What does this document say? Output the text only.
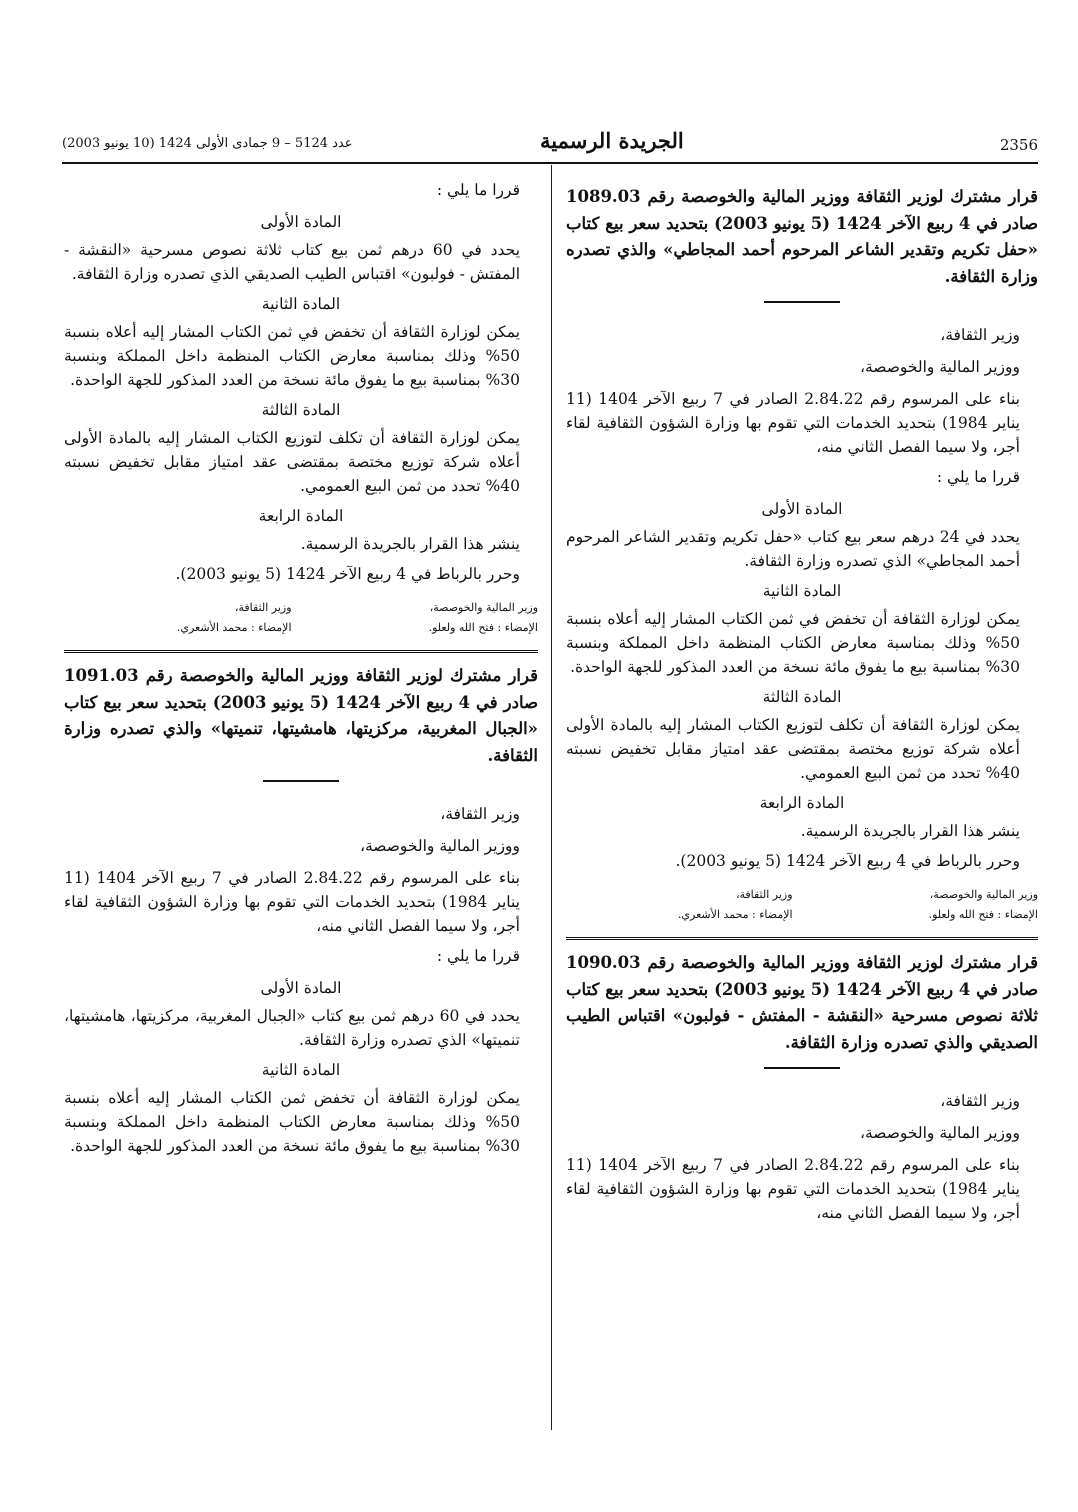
2356
الجريدة الرسمية
عدد 5124 – 9 جمادى الأولى 1424 (10 يونيو 2003)
قرار مشترك لوزير الثقافة ووزير المالية والخوصصة رقم 1089.03 صادر في 4 ربيع الآخر 1424 (5 يونيو 2003) بتحديد سعر بيع كتاب «حفل تكريم وتقدير الشاعر المرحوم أحمد المجاطي» والذي تصدره وزارة الثقافة.
وزير الثقافة،
ووزير المالية والخوصصة،
بناء على المرسوم رقم 2.84.22 الصادر في 7 ربيع الآخر 1404 (11 يناير 1984) بتحديد الخدمات التي تقوم بها وزارة الشؤون الثقافية لقاء أجر، ولا سيما الفصل الثاني منه،
قررا ما يلي :
المادة الأولى
يحدد في 24 درهم سعر بيع كتاب «حفل تكريم وتقدير الشاعر المرحوم أحمد المجاطي» الذي تصدره وزارة الثقافة.
المادة الثانية
يمكن لوزارة الثقافة أن تخفض في ثمن الكتاب المشار إليه أعلاه بنسبة 50% وذلك بمناسبة معارض الكتاب المنظمة داخل المملكة وبنسبة 30% بمناسبة بيع ما يفوق مائة نسخة من العدد المذكور للجهة الواحدة.
المادة الثالثة
يمكن لوزارة الثقافة أن تكلف لتوزيع الكتاب المشار إليه بالمادة الأولى أعلاه شركة توزيع مختصة بمقتضى عقد امتياز مقابل تخفيض نسبته 40% تحدد من ثمن البيع العمومي.
المادة الرابعة
ينشر هذا القرار بالجريدة الرسمية.
وحرر بالرباط في 4 ربيع الآخر 1424 (5 يونيو 2003).
وزير المالية والخوصصة،
الإمضاء : فتح الله ولعلو.
وزير الثقافة،
الإمضاء : محمد الأشعري.
قرار مشترك لوزير الثقافة ووزير المالية والخوصصة رقم 1090.03 صادر في 4 ربيع الآخر 1424 (5 يونيو 2003) بتحديد سعر بيع كتاب ثلاثة نصوص مسرحية «النقشة - المفتش - فولبون» اقتباس الطيب الصديقي والذي تصدره وزارة الثقافة.
وزير الثقافة،
ووزير المالية والخوصصة،
بناء على المرسوم رقم 2.84.22 الصادر في 7 ربيع الآخر 1404 (11 يناير 1984) بتحديد الخدمات التي تقوم بها وزارة الشؤون الثقافية لقاء أجر، ولا سيما الفصل الثاني منه،
قررا ما يلي :
المادة الأولى
يحدد في 60 درهم ثمن بيع كتاب ثلاثة نصوص مسرحية «النقشة - المفتش - فولبون» اقتباس الطيب الصديقي الذي تصدره وزارة الثقافة.
المادة الثانية
يمكن لوزارة الثقافة أن تخفض في ثمن الكتاب المشار إليه أعلاه بنسبة 50% وذلك بمناسبة معارض الكتاب المنظمة داخل المملكة وبنسبة 30% بمناسبة بيع ما يفوق مائة نسخة من العدد المذكور للجهة الواحدة.
المادة الثالثة
يمكن لوزارة الثقافة أن تكلف لتوزيع الكتاب المشار إليه بالمادة الأولى أعلاه شركة توزيع مختصة بمقتضى عقد امتياز مقابل تخفيض نسبته 40% تحدد من ثمن البيع العمومي.
المادة الرابعة
ينشر هذا القرار بالجريدة الرسمية.
وحرر بالرباط في 4 ربيع الآخر 1424 (5 يونيو 2003).
وزير المالية والخوصصة،
الإمضاء : فتح الله ولعلو.
وزير الثقافة،
الإمضاء : محمد الأشعري.
قرار مشترك لوزير الثقافة ووزير المالية والخوصصة رقم 1091.03 صادر في 4 ربيع الآخر 1424 (5 يونيو 2003) بتحديد سعر بيع كتاب «الجبال المغربية، مركزيتها، هامشيتها، تنميتها» والذي تصدره وزارة الثقافة.
وزير الثقافة،
ووزير المالية والخوصصة،
بناء على المرسوم رقم 2.84.22 الصادر في 7 ربيع الآخر 1404 (11 يناير 1984) بتحديد الخدمات التي تقوم بها وزارة الشؤون الثقافية لقاء أجر، ولا سيما الفصل الثاني منه،
قررا ما يلي :
المادة الأولى
يحدد في 60 درهم ثمن بيع كتاب «الجبال المغربية، مركزيتها، هامشيتها، تنميتها» الذي تصدره وزارة الثقافة.
المادة الثانية
يمكن لوزارة الثقافة أن تخفض ثمن الكتاب المشار إليه أعلاه بنسبة 50% وذلك بمناسبة معارض الكتاب المنظمة داخل المملكة وبنسبة 30% بمناسبة بيع ما يفوق مائة نسخة من العدد المذكور للجهة الواحدة.
